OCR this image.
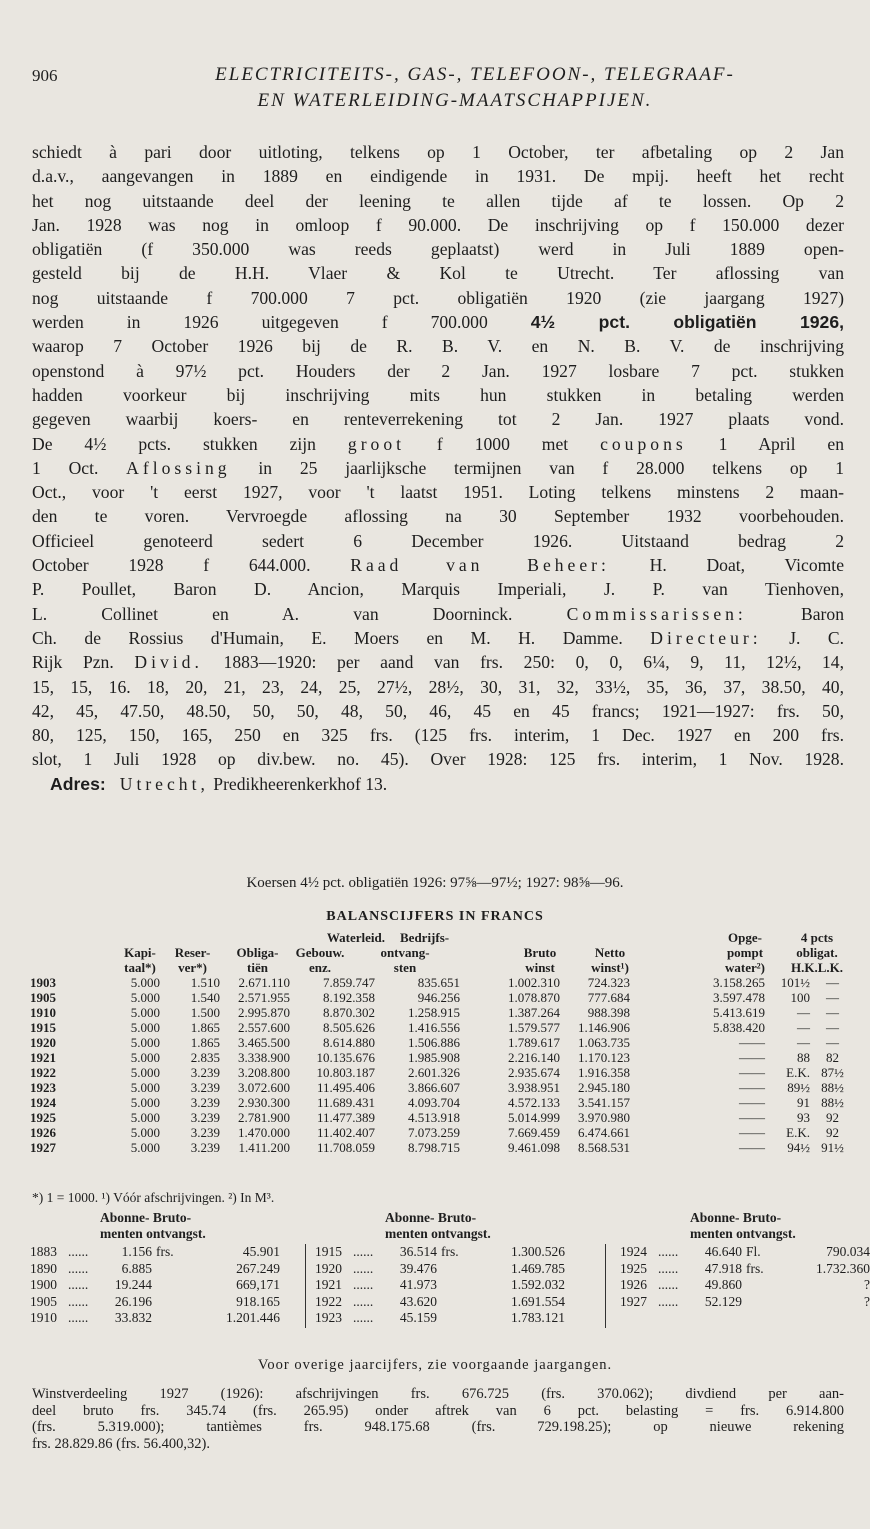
906	ELECTRICITEITS-, GAS-, TELEFOON-, TELEGRAAF-
EN WATERLEIDING-MAATSCHAPPIJEN.
schiedt à pari door uitloting, telkens op 1 October, ter afbetaling op 2 Jan
d.a.v., aangevangen in 1889 en eindigende in 1931. De mpij. heeft het recht
het nog uitstaande deel der leening te allen tijde af te lossen. Op 2
Jan. 1928 was nog in omloop f 90.000. De inschrijving op f 150.000 dezer
obligatiën (f 350.000 was reeds geplaatst) werd in Juli 1889 open-
gesteld bij de H.H. Vlaer & Kol te Utrecht. Ter aflossing van
nog uitstaande f 700.000 7 pct. obligatiën 1920 (zie jaargang 1927)
werden in 1926 uitgegeven f 700.000 4½ pct. obligatiën 1926,
waarop 7 October 1926 bij de R. B. V. en N. B. V. de inschrijving
openstond à 97½ pct. Houders der 2 Jan. 1927 losbare 7 pct. stukken
hadden voorkeur bij inschrijving mits hun stukken in betaling werden
gegeven waarbij koers- en renteverrekening tot 2 Jan. 1927 plaats vond.
De 4½ pcts. stukken zijn groot f 1000 met coupons 1 April en
1 Oct. Aflossing in 25 jaarlijksche termijnen van f 28.000 telkens op 1
Oct., voor 't eerst 1927, voor 't laatst 1951. Loting telkens minstens 2 maan-
den te voren. Vervroegde aflossing na 30 September 1932 voorbehouden.
Officieel genoteerd sedert 6 December 1926. Uitstaand bedrag 2
October 1928 f 644.000. Raad van Beheer: H. Doat, Vicomte
P. Poullet, Baron D. Ancion, Marquis Imperiali, J. P. van Tienhoven,
L. Collinet en A. van Doorninck. Commissarissen: Baron
Ch. de Rossius d'Humain, E. Moers en M. H. Damme. Directeur: J. C.
Rijk Pzn. Divid. 1883—1920: per aand van frs. 250: 0, 0, 6¼, 9, 11, 12½, 14,
15, 15, 16. 18, 20, 21, 23, 24, 25, 27½, 28½, 30, 31, 32, 33½, 35, 36, 37, 38.50, 40,
42, 45, 47.50, 48.50, 50, 50, 48, 50, 46, 45 en 45 francs; 1921—1927: frs. 50,
80, 125, 150, 165, 250 en 325 frs. (125 frs. interim, 1 Dec. 1927 en 200 frs.
slot, 1 Juli 1928 op div.bew. no. 45). Over 1928: 125 frs. interim, 1 Nov. 1928.
Adres: Utrecht, Predikheerenkerkhof 13.
Koersen 4½ pct. obligatiën 1926: 97⅝—97½; 1927: 98⅝—96.
BALANSCIJFERS IN FRANCS
Waterleid. Bedrijfs-	Opge-	4 pcts
Kapi-	Reser-	Obliga-	Gebouw.	ontvang-	Bruto	Netto	pompt	obligat.
taal*)	ver*)	tiën	enz.	sten	winst	winst¹)	water²)	H.K.L.K.
1903	5.000	1.510	2.671.110	7.859.747	835.651	1.002.310	724.323	3.158.265	101½	—
1905	5.000	1.540	2.571.955	8.192.358	946.256	1.078.870	777.684	3.597.478	100	—
1910	5.000	1.500	2.995.870	8.870.302	1.258.915	1.387.264	988.398	5.413.619	—	—
1915	5.000	1.865	2.557.600	8.505.626	1.416.556	1.579.577	1.146.906	5.838.420	—	—
1920	5.000	1.865	3.465.500	8.614.880	1.506.886	1.789.617	1.063.735	——	—	—
1921	5.000	2.835	3.338.900	10.135.676	1.985.908	2.216.140	1.170.123	——	88	82
1922	5.000	3.239	3.208.800	10.803.187	2.601.326	2.935.674	1.916.358	——	E.K. 87½
1923	5.000	3.239	3.072.600	11.495.406	3.866.607	3.938.951	2.945.180	——	89½ 88½
1924	5.000	3.239	2.930.300	11.689.431	4.093.704	4.572.133	3.541.157	——	91 88½
1925	5.000	3.239	2.781.900	11.477.389	4.513.918	5.014.999	3.970.980	——	93	92
1926	5.000	3.239	1.470.000	11.402.407	7.073.259	7.669.459	6.474.661	——	E.K.	92
1927	5.000	3.239	1.411.200	11.708.059	8.798.715	9.461.098	8.568.531	——	94½ 91½
*) 1 = 1000. ¹) Vóór afschrijvingen. ²) In M³.
Abonne- Bruto-
menten ontvangst.
Abonne- Bruto-
menten ontvangst.
Abonne- Bruto-
menten ontvangst.
1883 ......	1.156 frs.	45.901
1890 ......	6.885	267.249
1900 ......	19.244	669,171
1905 ......	26.196	918.165
1910 ......	33.832	1.201.446
1915 ......	36.514 frs.	1.300.526
1920 ......	39.476	1.469.785
1921 ......	41.973	1.592.032
1922 ......	43.620	1.691.554
1923 ......	45.159	1.783.121
1924 ......	46.640 Fl.	790.034
1925 ......	47.918 frs.	1.732.360
1926 ......	49.860	?
1927 ......	52.129	?
Voor overige jaarcijfers, zie voorgaande jaargangen.
Winstverdeeling 1927 (1926): afschrijvingen frs. 676.725 (frs. 370.062); divdiend per aan-
deel bruto frs. 345.74 (frs. 265.95) onder aftrek van 6 pct. belasting = frs. 6.914.800
(frs. 5.319.000); tantièmes frs. 948.175.68 (frs. 729.198.25); op nieuwe rekening
frs. 28.829.86 (frs. 56.400,32).
